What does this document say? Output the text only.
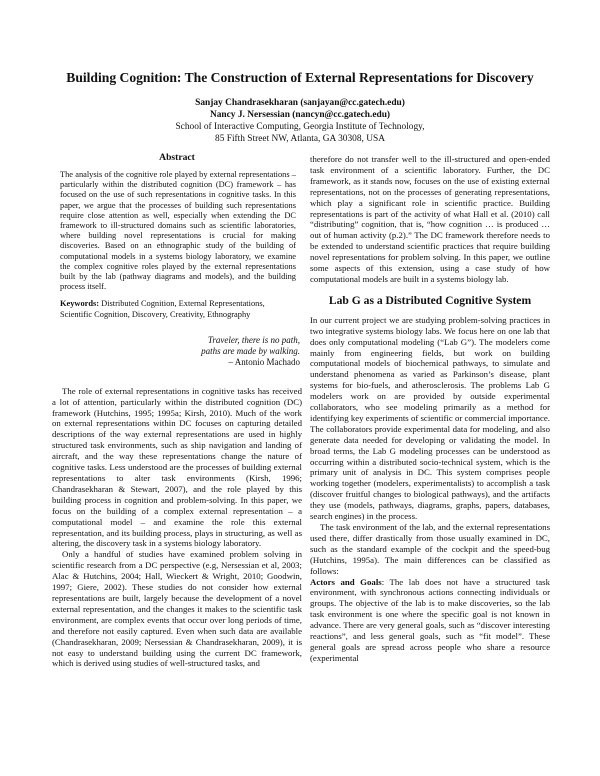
Building Cognition: The Construction of External Representations for Discovery
Sanjay Chandrasekharan (sanjayan@cc.gatech.edu)
Nancy J. Nersessian (nancyn@cc.gatech.edu)
School of Interactive Computing, Georgia Institute of Technology,
85 Fifth Street NW, Atlanta, GA 30308, USA
Abstract

The analysis of the cognitive role played by external representations – particularly within the distributed cognition (DC) framework – has focused on the use of such representations in cognitive tasks. In this paper, we argue that the processes of building such representations require close attention as well, especially when extending the DC framework to ill-structured domains such as scientific laboratories, where building novel representations is crucial for making discoveries. Based on an ethnographic study of the building of computational models in a systems biology laboratory, we examine the complex cognitive roles played by the external representations built by the lab (pathway diagrams and models), and the building process itself.

Keywords: Distributed Cognition, External Representations, Scientific Cognition, Discovery, Creativity, Ethnography
Traveler, there is no path,
paths are made by walking.
– Antonio Machado

The role of external representations in cognitive tasks has received a lot of attention, particularly within the distributed cognition (DC) framework (Hutchins, 1995; 1995a; Kirsh, 2010). Much of the work on external representations within DC focuses on capturing detailed descriptions of the way external representations are used in highly structured task environments, such as ship navigation and landing of aircraft, and the way these representations change the nature of cognitive tasks. Less understood are the processes of building external representations to alter task environments (Kirsh, 1996; Chandrasekharan & Stewart, 2007), and the role played by this building process in cognition and problem-solving. In this paper, we focus on the building of a complex external representation – a computational model – and examine the role this external representation, and its building process, plays in structuring, as well as altering, the discovery task in a systems biology laboratory.

Only a handful of studies have examined problem solving in scientific research from a DC perspective (e.g, Nersessian et al, 2003; Alac & Hutchins, 2004; Hall, Wieckert & Wright, 2010; Goodwin, 1997; Giere, 2002). These studies do not consider how external representations are built, largely because the development of a novel external representation, and the changes it makes to the scientific task environment, are complex events that occur over long periods of time, and therefore not easily captured. Even when such data are available (Chandrasekharan, 2009; Nersessian & Chandrasekharan, 2009), it is not easy to understand building using the current DC framework, which is derived using studies of well-structured tasks, and

therefore do not transfer well to the ill-structured and open-ended task environment of a scientific laboratory. Further, the DC framework, as it stands now, focuses on the use of existing external representations, not on the processes of generating representations, which play a significant role in scientific practice. Building representations is part of the activity of what Hall et al. (2010) call “distributing” cognition, that is, “how cognition … is produced … out of human activity (p.2).” The DC framework therefore needs to be extended to understand scientific practices that require building novel representations for problem solving. In this paper, we outline some aspects of this extension, using a case study of how computational models are built in a systems biology lab.

Lab G as a Distributed Cognitive System

In our current project we are studying problem-solving practices in two integrative systems biology labs. We focus here on one lab that does only computational modeling (“Lab G”). The modelers come mainly from engineering fields, but work on building computational models of biochemical pathways, to simulate and understand phenomena as varied as Parkinson’s disease, plant systems for bio-fuels, and atherosclerosis. The problems Lab G modelers work on are provided by outside experimental collaborators, who see modeling primarily as a method for identifying key experiments of scientific or commercial importance. The collaborators provide experimental data for modeling, and also generate data needed for developing or validating the model. In broad terms, the Lab G modeling processes can be understood as occurring within a distributed socio-technical system, which is the primary unit of analysis in DC. This system comprises people working together (modelers, experimentalists) to accomplish a task (discover fruitful changes to biological pathways), and the artifacts they use (models, pathways, diagrams, graphs, papers, databases, search engines) in the process.

The task environment of the lab, and the external representations used there, differ drastically from those usually examined in DC, such as the standard example of the cockpit and the speed-bug (Hutchins, 1995a). The main differences can be classified as follows:

Actors and Goals: The lab does not have a structured task environment, with synchronous actions connecting individuals or groups. The objective of the lab is to make discoveries, so the lab task environment is one where the specific goal is not known in advance. There are very general goals, such as “discover interesting reactions”, and less general goals, such as “fit model”. These general goals are spread across people who share a resource (experimental
